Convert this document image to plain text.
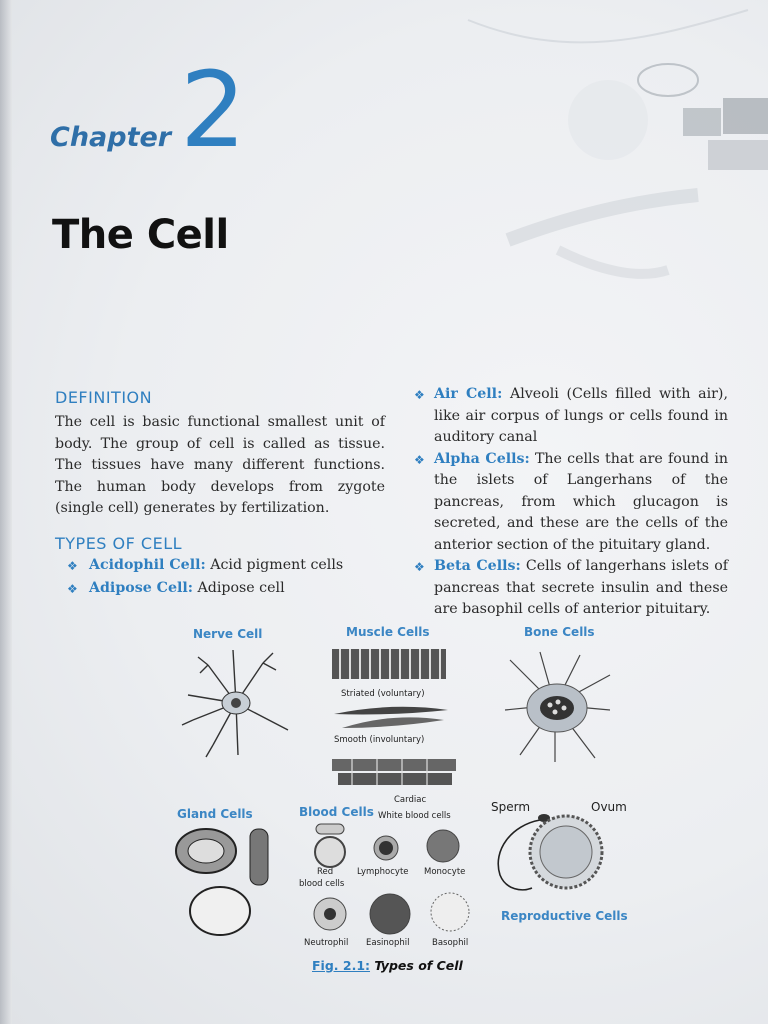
Chapter 2
The Cell
DEFINITION
The cell is basic functional smallest unit of body. The group of cell is called as tissue. The tissues have many different functions. The human body develops from zygote (single cell) generates by fertilization.
TYPES OF CELL
❖ Acidophil Cell: Acid pigment cells
❖ Adipose Cell: Adipose cell
❖ Air Cell: Alveoli (Cells filled with air), like air corpus of lungs or cells found in auditory canal
❖ Alpha Cells: The cells that are found in the islets of Langerhans of the pancreas, from which glucagon is secreted, and these are the cells of the anterior section of the pituitary gland.
❖ Beta Cells: Cells of langerhans islets of pancreas that secrete insulin and these are basophil cells of anterior pituitary.
Nerve Cell	Muscle Cells	Bone Cells
Gland Cells	Blood Cells
Reproductive Cells
Sperm	Ovum
Striated (voluntary)
Smooth (involuntary)
Cardiac
White blood cells
Red
blood cells
Lymphocyte Monocyte
Neutrophil Easinophil	Basophil
Fig. 2.1: Types of Cell
